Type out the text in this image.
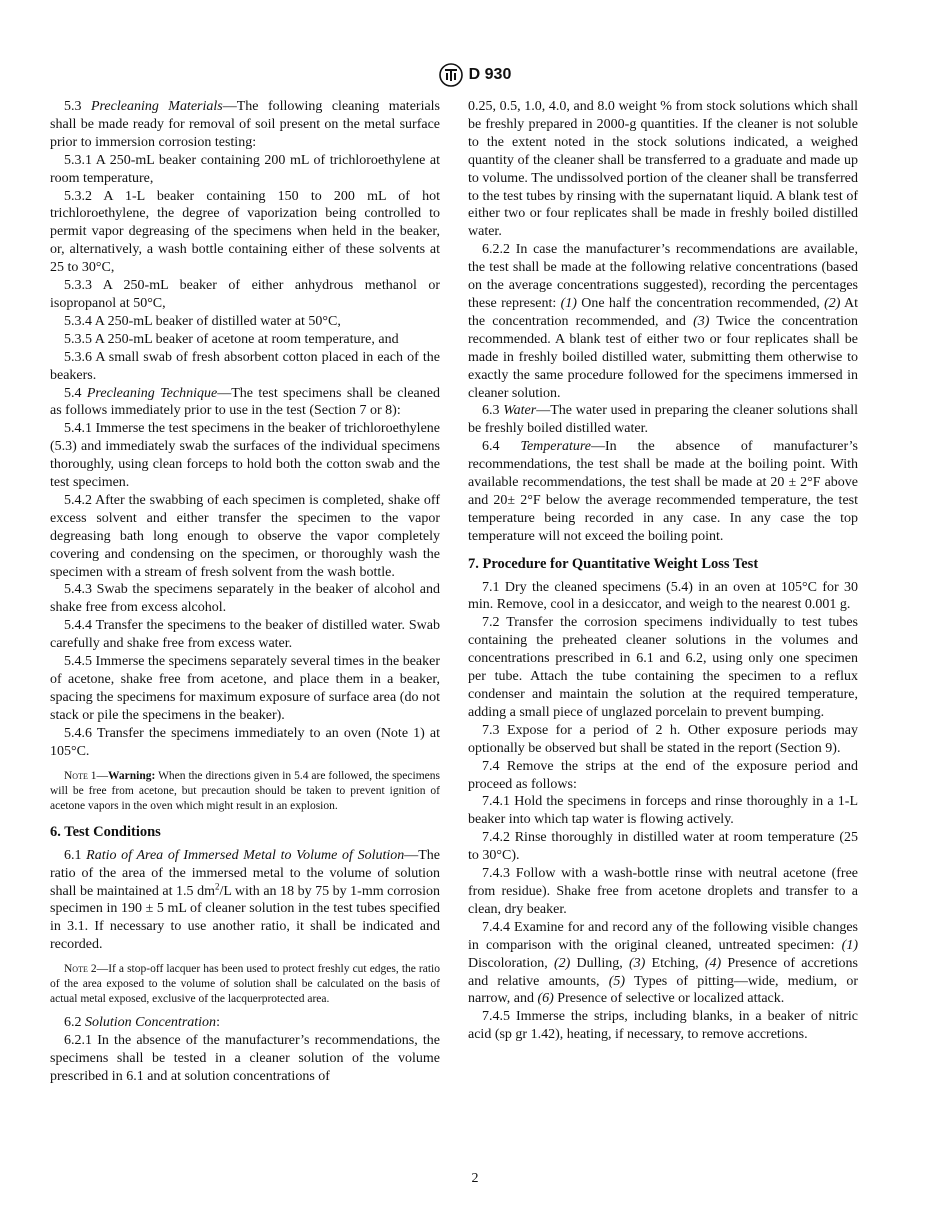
D 930

5.3 Precleaning Materials—The following cleaning materials shall be made ready for removal of soil present on the metal surface prior to immersion corrosion testing:

5.3.1 A 250-mL beaker containing 200 mL of trichloroethylene at room temperature,

5.3.2 A 1-L beaker containing 150 to 200 mL of hot trichloroethylene, the degree of vaporization being controlled to permit vapor degreasing of the specimens when held in the beaker, or, alternatively, a wash bottle containing either of these solvents at 25 to 30°C,

5.3.3 A 250-mL beaker of either anhydrous methanol or isopropanol at 50°C,

5.3.4 A 250-mL beaker of distilled water at 50°C,

5.3.5 A 250-mL beaker of acetone at room temperature, and

5.3.6 A small swab of fresh absorbent cotton placed in each of the beakers.

5.4 Precleaning Technique—The test specimens shall be cleaned as follows immediately prior to use in the test (Section 7 or 8):

5.4.1 Immerse the test specimens in the beaker of trichloroethylene (5.3) and immediately swab the surfaces of the individual specimens thoroughly, using clean forceps to hold both the cotton swab and the test specimen.

5.4.2 After the swabbing of each specimen is completed, shake off excess solvent and either transfer the specimen to the vapor degreasing bath long enough to observe the vapor completely covering and condensing on the specimen, or thoroughly wash the specimen with a stream of fresh solvent from the wash bottle.

5.4.3 Swab the specimens separately in the beaker of alcohol and shake free from excess alcohol.

5.4.4 Transfer the specimens to the beaker of distilled water. Swab carefully and shake free from excess water.

5.4.5 Immerse the specimens separately several times in the beaker of acetone, shake free from acetone, and place them in a beaker, spacing the specimens for maximum exposure of surface area (do not stack or pile the specimens in the beaker).

5.4.6 Transfer the specimens immediately to an oven (Note 1) at 105°C.

Note 1—Warning: When the directions given in 5.4 are followed, the specimens will be free from acetone, but precaution should be taken to prevent ignition of acetone vapors in the oven which might result in an explosion.

6. Test Conditions

6.1 Ratio of Area of Immersed Metal to Volume of Solution—The ratio of the area of the immersed metal to the volume of solution shall be maintained at 1.5 $dm^2/L$ with an 18 by 75 by 1-mm corrosion specimen in 190 ± 5 mL of cleaner solution in the test tubes specified in 3.1. If necessary to use another ratio, it shall be indicated and recorded.

Note 2—If a stop-off lacquer has been used to protect freshly cut edges, the ratio of the area exposed to the volume of solution shall be calculated on the basis of actual metal exposed, exclusive of the lacquerprotected area.

6.2 Solution Concentration:

6.2.1 In the absence of the manufacturer’s recommendations, the specimens shall be tested in a cleaner solution of the volume prescribed in 6.1 and at solution concentrations of

0.25, 0.5, 1.0, 4.0, and 8.0 weight % from stock solutions which shall be freshly prepared in 2000-g quantities. If the cleaner is not soluble to the extent noted in the stock solutions indicated, a weighed quantity of the cleaner shall be transferred to a graduate and made up to volume. The undissolved portion of the cleaner shall be transferred to the test tubes by rinsing with the supernatant liquid. A blank test of either two or four replicates shall be made in freshly boiled distilled water.

6.2.2 In case the manufacturer’s recommendations are available, the test shall be made at the following relative concentrations (based on the average concentrations suggested), recording the percentages these represent: (1) One half the concentration recommended, (2) At the concentration recommended, and (3) Twice the concentration recommended. A blank test of either two or four replicates shall be made in freshly boiled distilled water, submitting them otherwise to exactly the same procedure followed for the specimens immersed in cleaner solution.

6.3 Water—The water used in preparing the cleaner solutions shall be freshly boiled distilled water.

6.4 Temperature—In the absence of manufacturer’s recommendations, the test shall be made at the boiling point. With available recommendations, the test shall be made at 20 ± 2°F above and 20± 2°F below the average recommended temperature, the test temperature being recorded in any case. In any case the top temperature will not exceed the boiling point.

7. Procedure for Quantitative Weight Loss Test

7.1 Dry the cleaned specimens (5.4) in an oven at 105°C for 30 min. Remove, cool in a desiccator, and weigh to the nearest 0.001 g.

7.2 Transfer the corrosion specimens individually to test tubes containing the preheated cleaner solutions in the volumes and concentrations prescribed in 6.1 and 6.2, using only one specimen per tube. Attach the tube containing the specimen to a reflux condenser and maintain the solution at the required temperature, adding a small piece of unglazed porcelain to prevent bumping.

7.3 Expose for a period of 2 h. Other exposure periods may optionally be observed but shall be stated in the report (Section 9).

7.4 Remove the strips at the end of the exposure period and proceed as follows:

7.4.1 Hold the specimens in forceps and rinse thoroughly in a 1-L beaker into which tap water is flowing actively.

7.4.2 Rinse thoroughly in distilled water at room temperature (25 to 30°C).

7.4.3 Follow with a wash-bottle rinse with neutral acetone (free from residue). Shake free from acetone droplets and transfer to a clean, dry beaker.

7.4.4 Examine for and record any of the following visible changes in comparison with the original cleaned, untreated specimen: (1) Discoloration, (2) Dulling, (3) Etching, (4) Presence of accretions and relative amounts, (5) Types of pitting—wide, medium, or narrow, and (6) Presence of selective or localized attack.

7.4.5 Immerse the strips, including blanks, in a beaker of nitric acid (sp gr 1.42), heating, if necessary, to remove accretions.

2
